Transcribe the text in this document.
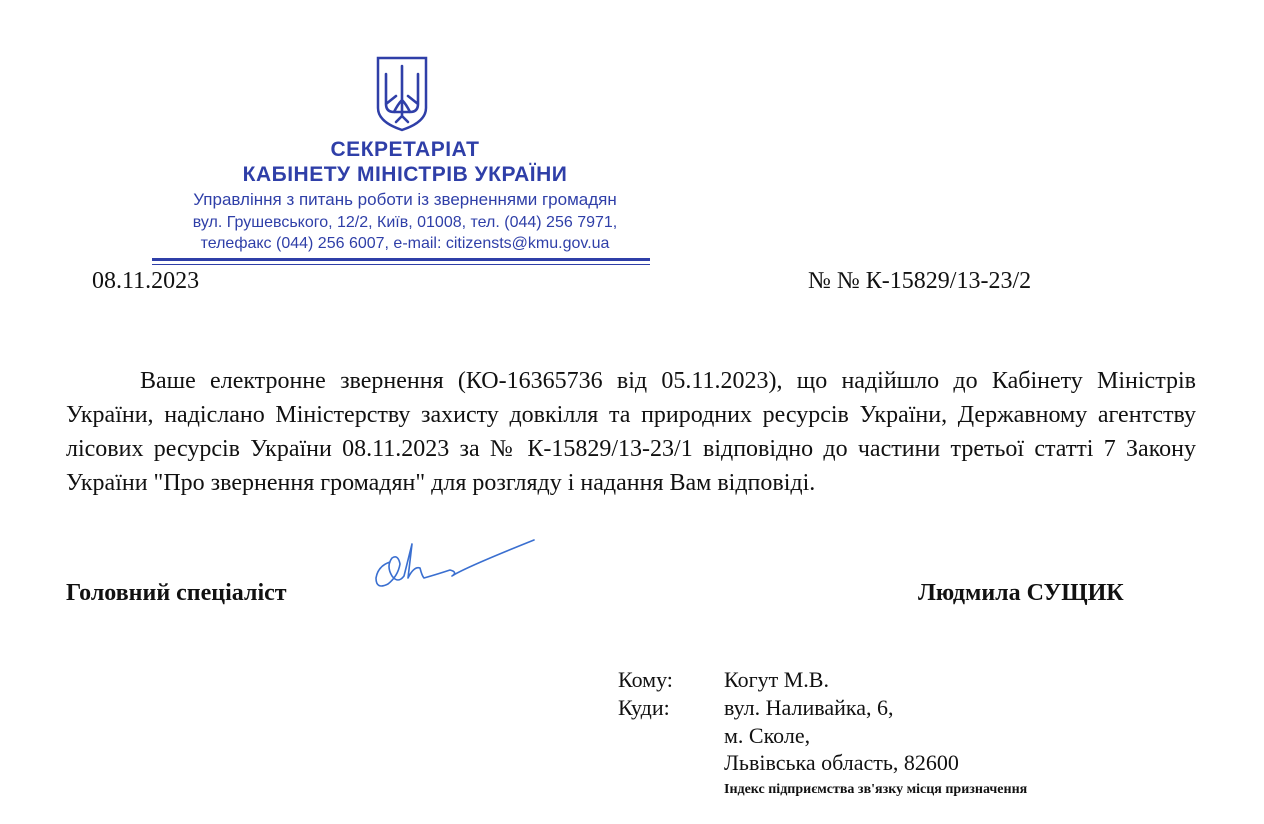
СЕКРЕТАРІАТ
КАБІНЕТУ МІНІСТРІВ УКРАЇНИ
Управління з питань роботи із зверненнями громадян
вул. Грушевського, 12/2, Київ, 01008, тел. (044) 256 7971,
телефакс (044) 256 6007, e-mail: citizensts@kmu.gov.ua
08.11.2023	№ № К-15829/13-23/2
Ваше електронне звернення (КО-16365736 від 05.11.2023), що надійшло до Кабінету Міністрів України, надіслано Міністерству захисту довкілля та природних ресурсів України, Державному агентству лісових ресурсів України 08.11.2023 за № К-15829/13-23/1 відповідно до частини третьої статті 7 Закону України "Про звернення громадян" для розгляду і надання Вам відповіді.
Головний спеціаліст	Людмила СУЩИК
Кому: Когут М.В.
Куди: вул. Наливайка, 6,
м. Сколе,
Львівська область, 82600
Індекс підприємства зв'язку місця призначення
